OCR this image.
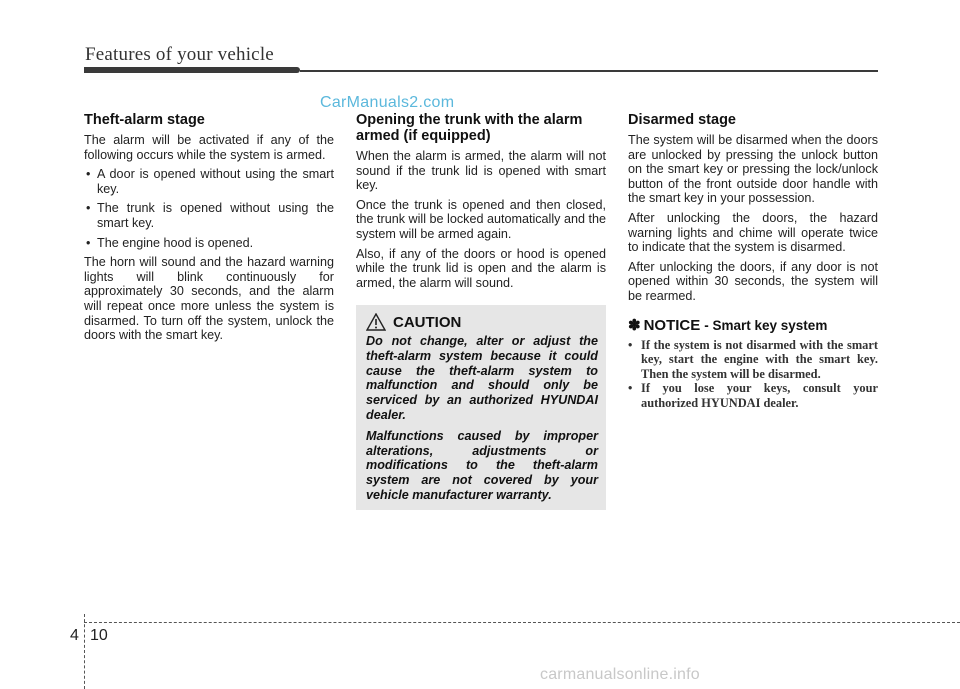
Features of your vehicle
CarManuals2.com
Theft-alarm stage

The alarm will be activated if any of the following occurs while the system is armed.

• A door is opened without using the smart key.
• The trunk is opened without using the smart key.
• The engine hood is opened.

The horn will sound and the hazard warning lights will blink continuously for approximately 30 seconds, and the alarm will repeat once more unless the system is disarmed. To turn off the system, unlock the doors with the smart key.

Opening the trunk with the alarm armed (if equipped)

When the alarm is armed, the alarm will not sound if the trunk lid is opened with smart key.

Once the trunk is opened and then closed, the trunk will be locked automatically and the system will be armed again.

Also, if any of the doors or hood is opened while the trunk lid is open and the alarm is armed, the alarm will sound.

CAUTION

Do not change, alter or adjust the theft-alarm system because it could cause the theft-alarm system to malfunction and should only be serviced by an authorized HYUNDAI dealer.

Malfunctions caused by improper alterations, adjustments or modifications to the theft-alarm system are not covered by your vehicle manufacturer warranty.

Disarmed stage

The system will be disarmed when the doors are unlocked by pressing the unlock button on the smart key or pressing the lock/unlock button of the front outside door handle with the smart key in your possession.

After unlocking the doors, the hazard warning lights and chime will operate twice to indicate that the system is disarmed.

After unlocking the doors, if any door is not opened within 30 seconds, the system will be rearmed.

✽ NOTICE - Smart key system
• If the system is not disarmed with the smart key, start the engine with the smart key. Then the system will be disarmed.
• If you lose your keys, consult your authorized HYUNDAI dealer.
4 10
carmanualsonline.info
